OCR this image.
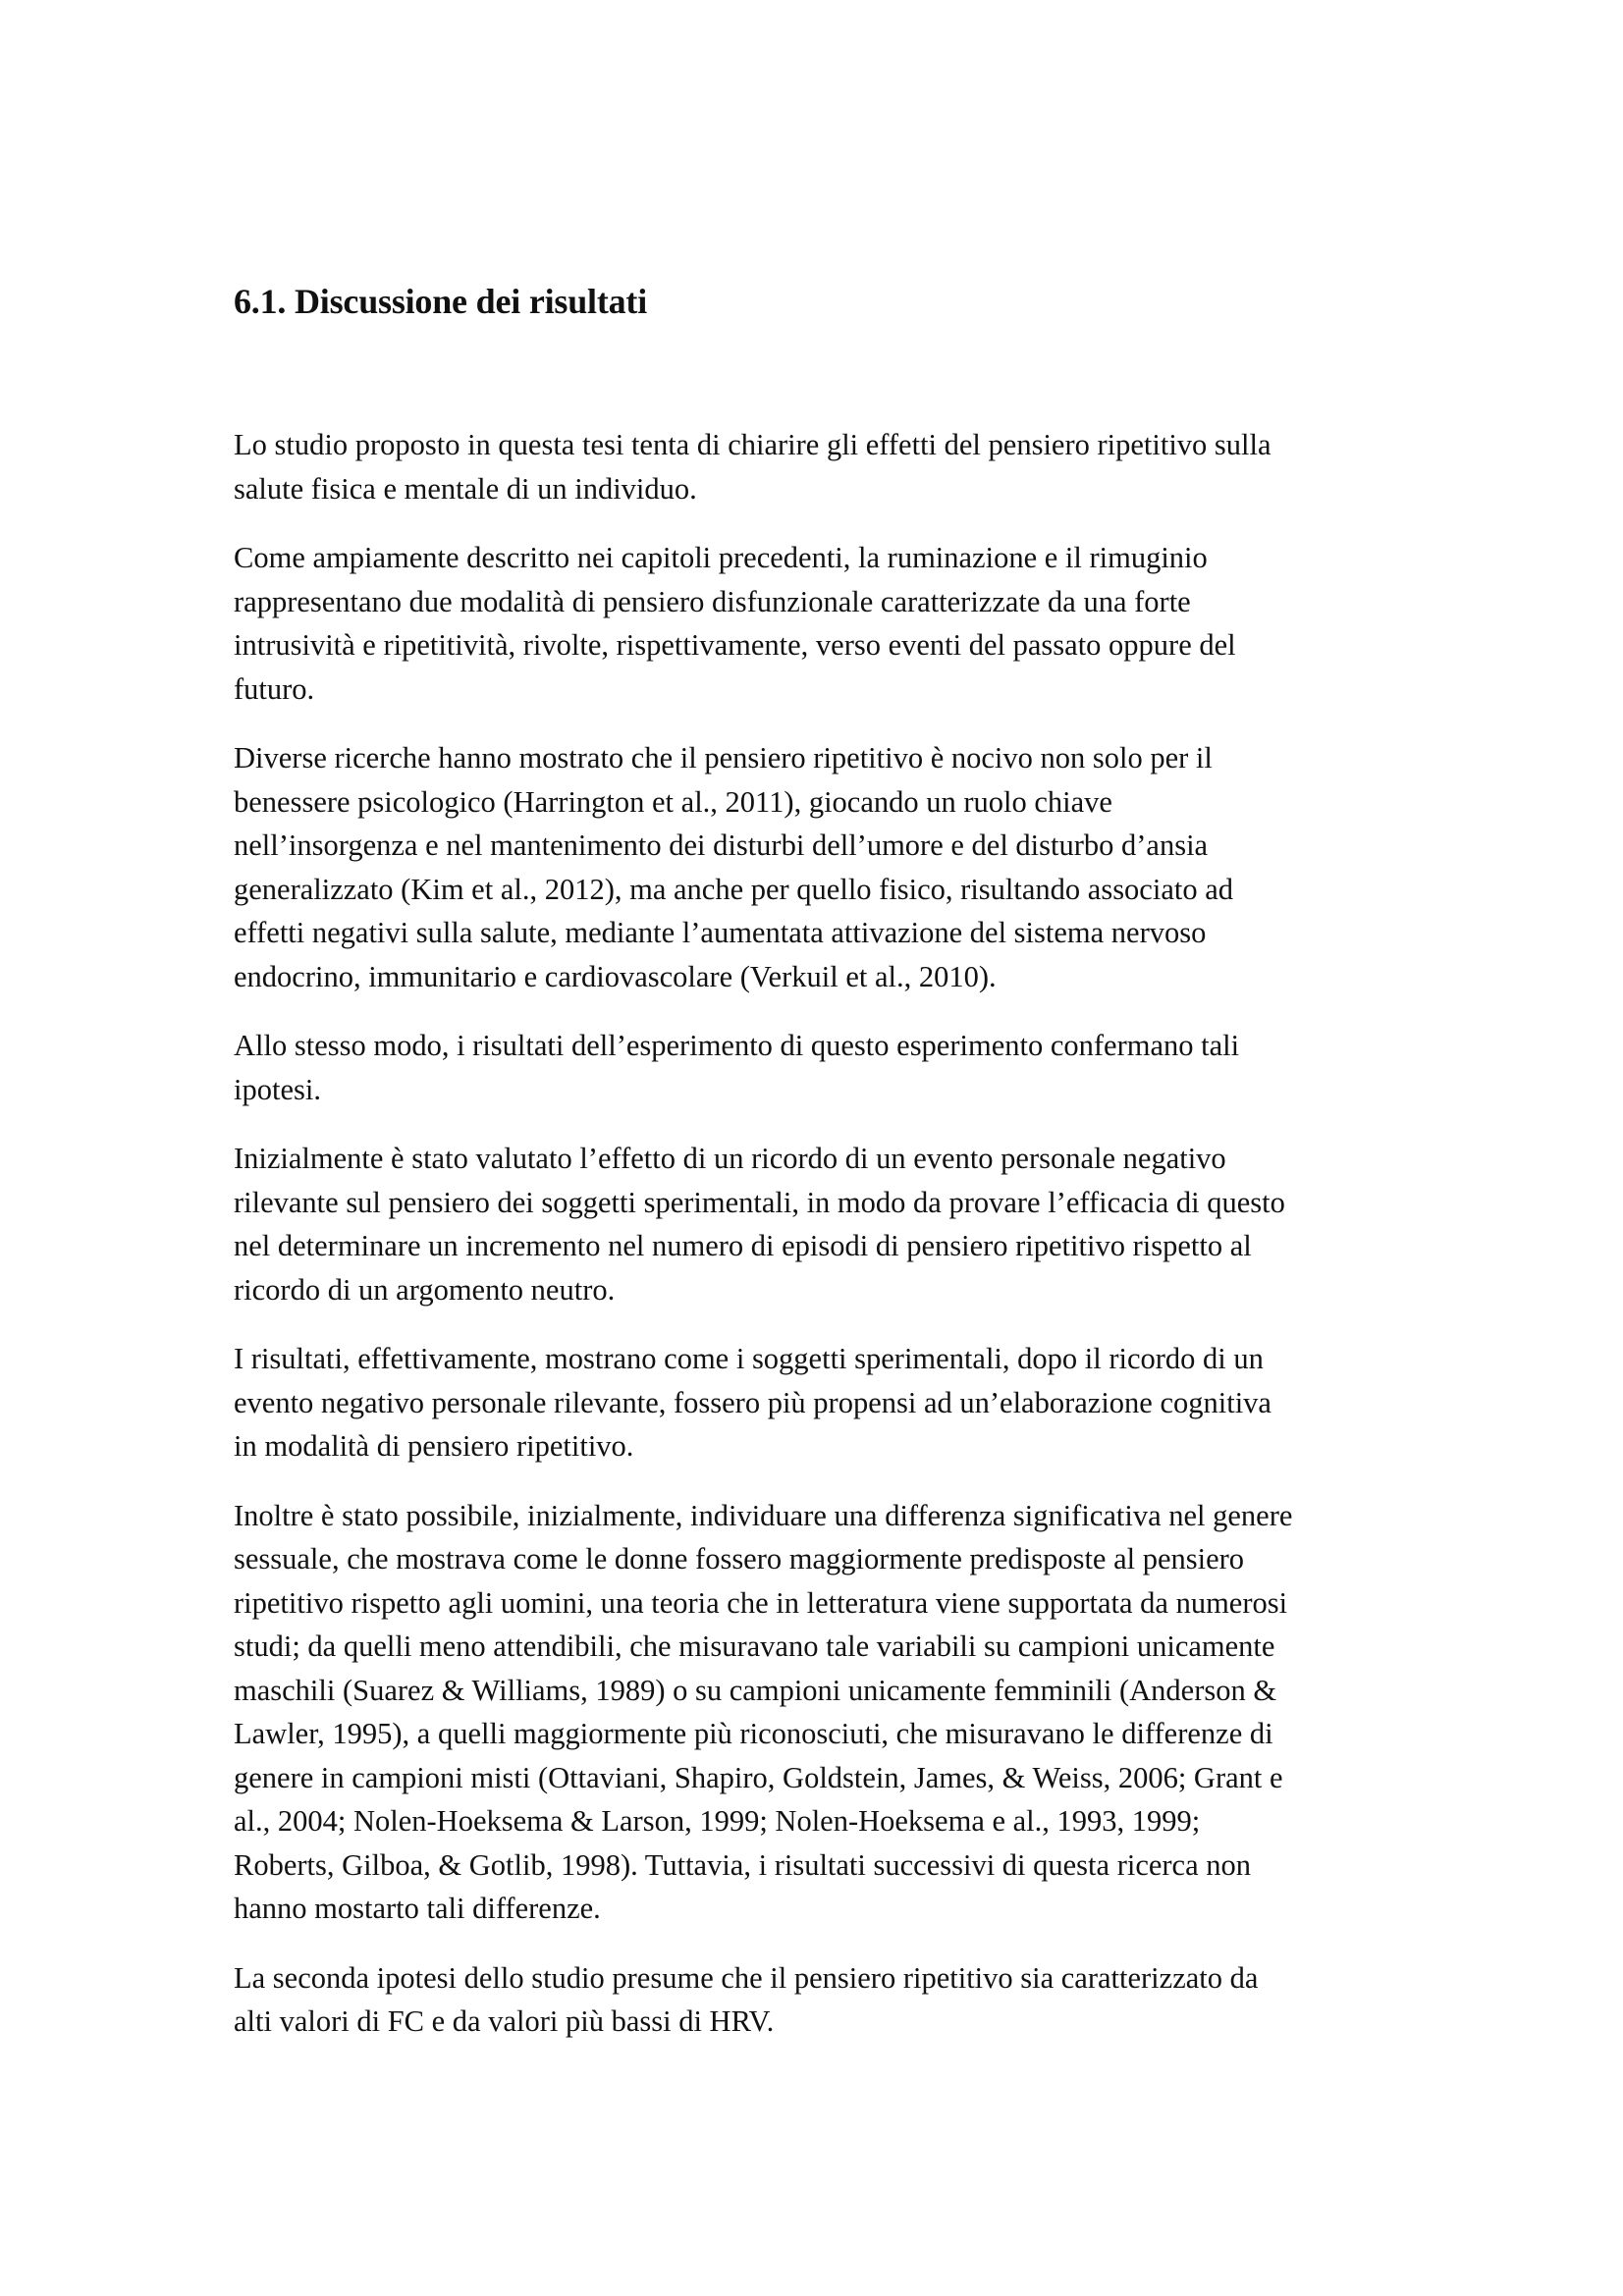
6.1. Discussione dei risultati

Lo studio proposto in questa tesi tenta di chiarire gli effetti del pensiero ripetitivo sulla
salute fisica e mentale di un individuo.

Come ampiamente descritto nei capitoli precedenti, la ruminazione e il rimuginio
rappresentano due modalità di pensiero disfunzionale caratterizzate da una forte
intrusività e ripetitività, rivolte, rispettivamente, verso eventi del passato oppure del
futuro.

Diverse ricerche hanno mostrato che il pensiero ripetitivo è nocivo non solo per il
benessere psicologico (Harrington et al., 2011), giocando un ruolo chiave
nell’insorgenza e nel mantenimento dei disturbi dell’umore e del disturbo d’ansia
generalizzato (Kim et al., 2012), ma anche per quello fisico, risultando associato ad
effetti negativi sulla salute, mediante l’aumentata attivazione del sistema nervoso
endocrino, immunitario e cardiovascolare (Verkuil et al., 2010).

Allo stesso modo, i risultati dell’esperimento di questo esperimento confermano tali
ipotesi.

Inizialmente è stato valutato l’effetto di un ricordo di un evento personale negativo
rilevante sul pensiero dei soggetti sperimentali, in modo da provare l’efficacia di questo
nel determinare un incremento nel numero di episodi di pensiero ripetitivo rispetto al
ricordo di un argomento neutro.

I risultati, effettivamente, mostrano come i soggetti sperimentali, dopo il ricordo di un
evento negativo personale rilevante, fossero più propensi ad un’elaborazione cognitiva
in modalità di pensiero ripetitivo.

Inoltre è stato possibile, inizialmente, individuare una differenza significativa nel genere
sessuale, che mostrava come le donne fossero maggiormente predisposte al pensiero
ripetitivo rispetto agli uomini, una teoria che in letteratura viene supportata da numerosi
studi; da quelli meno attendibili, che misuravano tale variabili su campioni unicamente
maschili (Suarez & Williams, 1989) o su campioni unicamente femminili (Anderson &
Lawler, 1995), a quelli maggiormente più riconosciuti, che misuravano le differenze di
genere in campioni misti (Ottaviani, Shapiro, Goldstein, James, & Weiss, 2006; Grant e
al., 2004; Nolen-Hoeksema & Larson, 1999; Nolen-Hoeksema e al., 1993, 1999;
Roberts, Gilboa, & Gotlib, 1998). Tuttavia, i risultati successivi di questa ricerca non
hanno mostarto tali differenze.

La seconda ipotesi dello studio presume che il pensiero ripetitivo sia caratterizzato da
alti valori di FC e da valori più bassi di HRV.
